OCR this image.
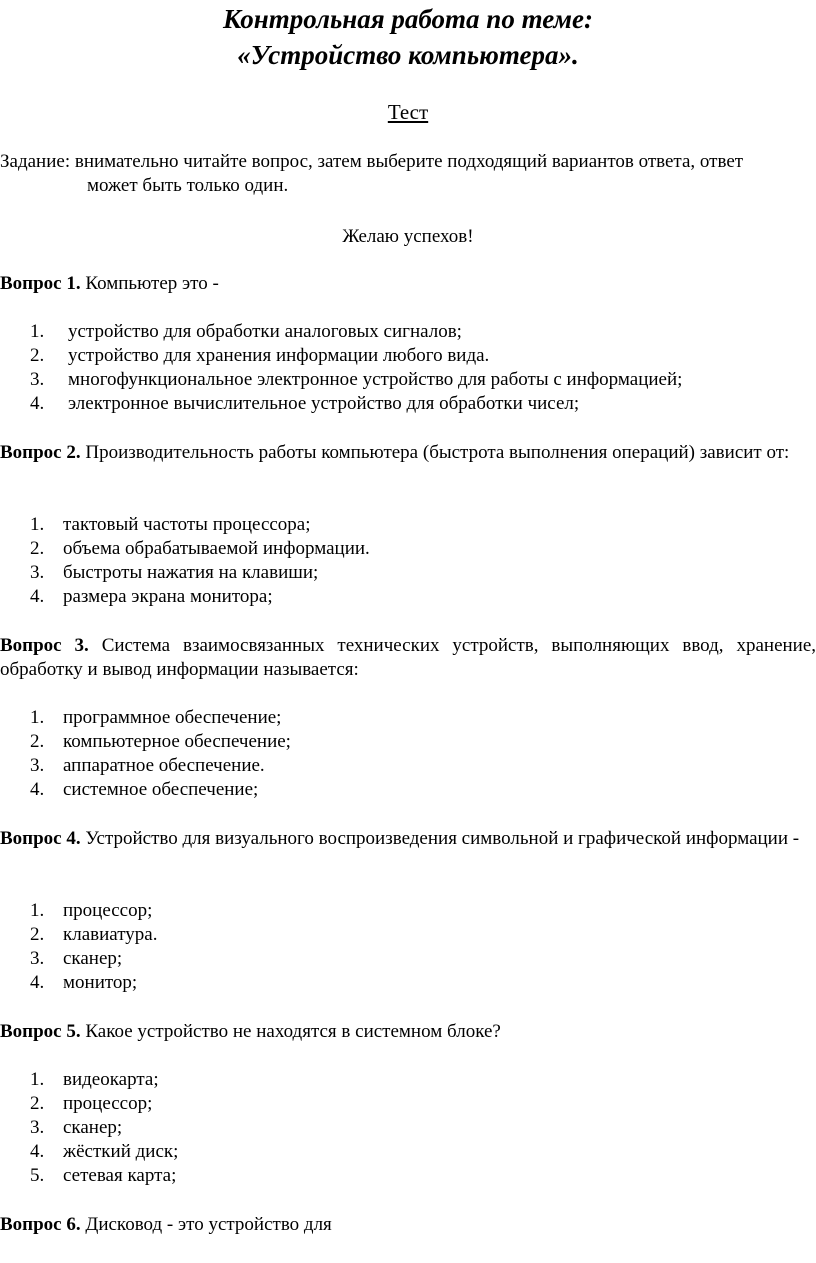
Контрольная работа по теме:
«Устройство компьютера».
Тест
Задание: внимательно читайте вопрос, затем выберите подходящий вариантов ответа, ответ
может быть только один.
Желаю успехов!
Вопрос 1. Компьютер это -
1. устройство для обработки аналоговых сигналов;
2. устройство для хранения информации любого вида.
3. многофункциональное электронное устройство для работы с информацией;
4. электронное вычислительное устройство для обработки чисел;
Вопрос 2. Производительность работы компьютера (быстрота выполнения операций) зависит от:
1. тактовый частоты процессора;
2. объема обрабатываемой информации.
3. быстроты нажатия на клавиши;
4. размера экрана монитора;
Вопрос 3. Система взаимосвязанных технических устройств, выполняющих ввод, хранение, обработку и вывод информации называется:
1. программное обеспечение;
2. компьютерное обеспечение;
3. аппаратное обеспечение.
4. системное обеспечение;
Вопрос 4. Устройство для визуального воспроизведения символьной и графической информации -
1. процессор;
2. клавиатура.
3. сканер;
4. монитор;
Вопрос 5. Какое устройство не находятся в системном блоке?
1. видеокарта;
2. процессор;
3. сканер;
4. жёсткий диск;
5. сетевая карта;
Вопрос 6. Дисковод - это устройство для
